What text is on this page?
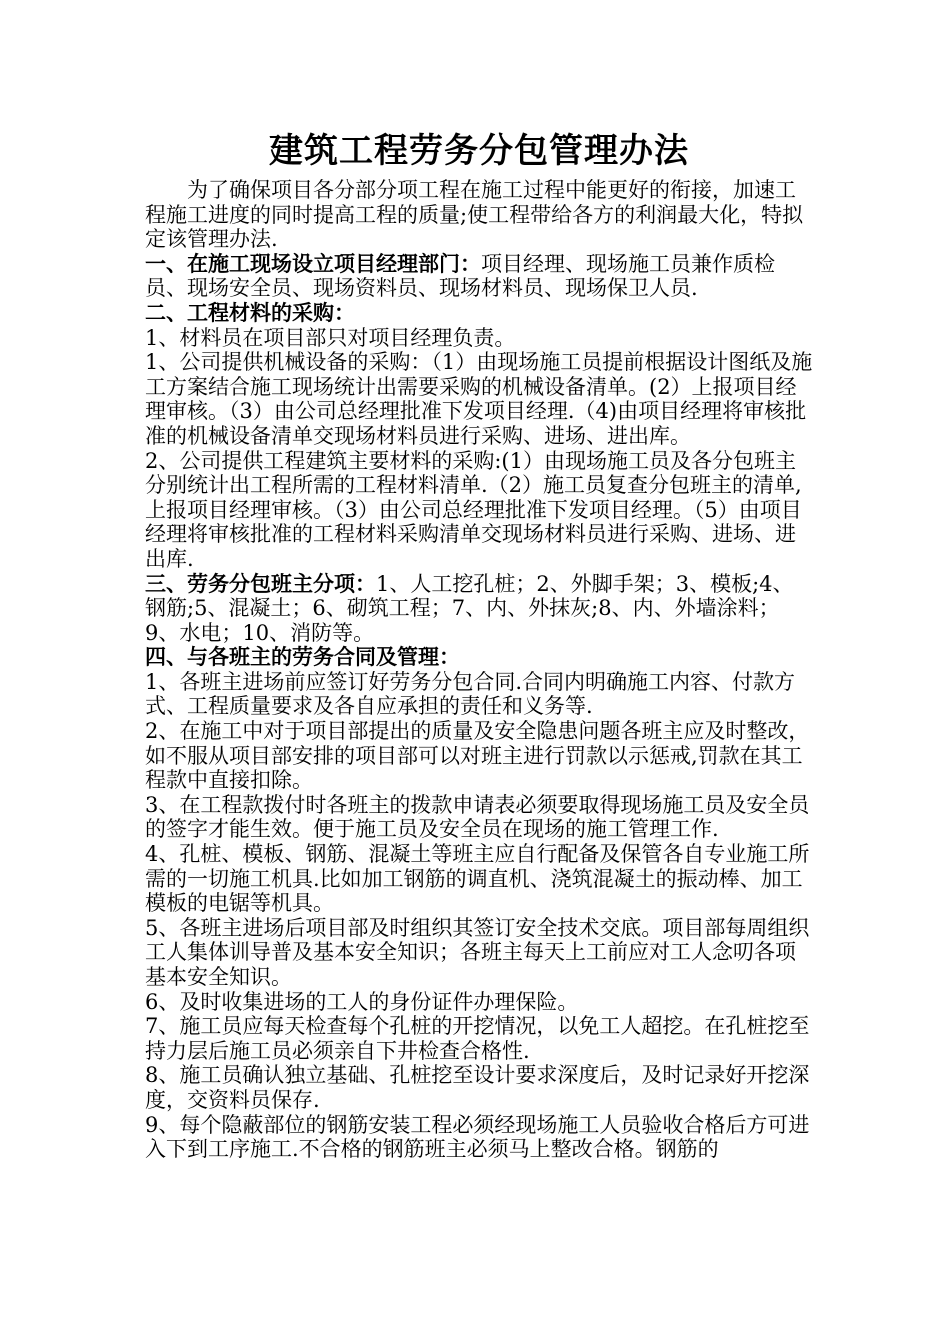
建筑工程劳务分包管理办法

为了确保项目各分部分项工程在施工过程中能更好的衔接，加速工程施工进度的同时提高工程的质量;使工程带给各方的利润最大化，特拟定该管理办法.

一、在施工现场设立项目经理部门：项目经理、现场施工员兼作质检员、现场安全员、现场资料员、现场材料员、现场保卫人员.

二、工程材料的采购：

1、材料员在项目部只对项目经理负责。

1、公司提供机械设备的采购：（1）由现场施工员提前根据设计图纸及施工方案结合施工现场统计出需要采购的机械设备清单。(2）上报项目经理审核。（3）由公司总经理批准下发项目经理.（4)由项目经理将审核批准的机械设备清单交现场材料员进行采购、进场、进出库。

2、公司提供工程建筑主要材料的采购:(1）由现场施工员及各分包班主分别统计出工程所需的工程材料清单.（2）施工员复查分包班主的清单,上报项目经理审核。（3）由公司总经理批准下发项目经理。（5）由项目经理将审核批准的工程材料采购清单交现场材料员进行采购、进场、进出库.

三、劳务分包班主分项：1、人工挖孔桩；2、外脚手架；3、模板;4、钢筋;5、混凝土；6、砌筑工程；7、内、外抹灰;8、内、外墙涂料；9、水电；10、消防等。

四、与各班主的劳务合同及管理：

1、各班主进场前应签订好劳务分包合同.合同内明确施工内容、付款方式、工程质量要求及各自应承担的责任和义务等.

2、在施工中对于项目部提出的质量及安全隐患问题各班主应及时整改，如不服从项目部安排的项目部可以对班主进行罚款以示惩戒,罚款在其工程款中直接扣除。

3、在工程款拨付时各班主的拨款申请表必须要取得现场施工员及安全员的签字才能生效。便于施工员及安全员在现场的施工管理工作.

4、孔桩、模板、钢筋、混凝土等班主应自行配备及保管各自专业施工所需的一切施工机具.比如加工钢筋的调直机、浇筑混凝土的振动棒、加工模板的电锯等机具。

5、各班主进场后项目部及时组织其签订安全技术交底。项目部每周组织工人集体训导普及基本安全知识；各班主每天上工前应对工人念叨各项基本安全知识。

6、及时收集进场的工人的身份证件办理保险。

7、施工员应每天检查每个孔桩的开挖情况，以免工人超挖。在孔桩挖至持力层后施工员必须亲自下井检查合格性.

8、施工员确认独立基础、孔桩挖至设计要求深度后，及时记录好开挖深度，交资料员保存.

9、每个隐蔽部位的钢筋安装工程必须经现场施工人员验收合格后方可进入下到工序施工.不合格的钢筋班主必须马上整改合格。钢筋的
